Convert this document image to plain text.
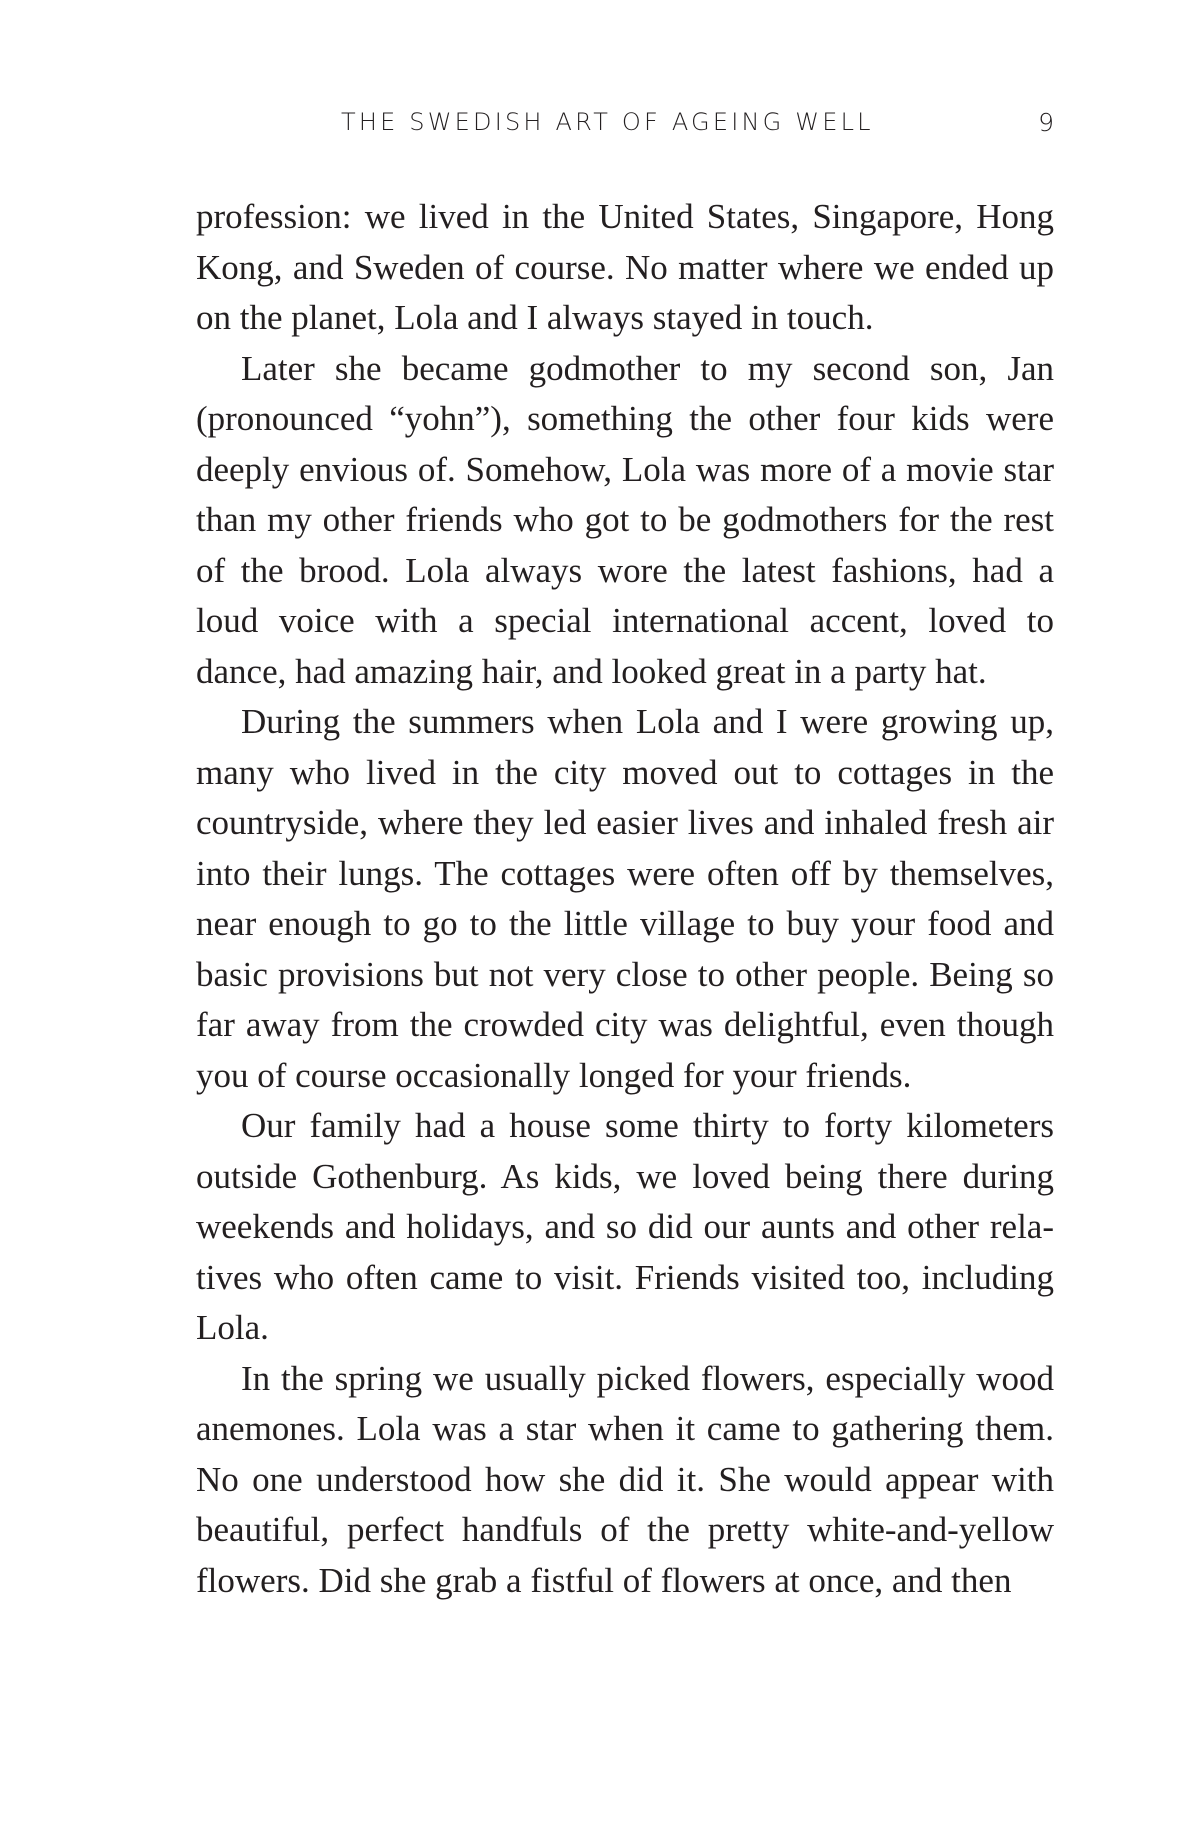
THE SWEDISH ART OF AGEING WELL	9

profession: we lived in the United States, Singapore, Hong Kong, and Sweden of course. No matter where we ended up on the planet, Lola and I always stayed in touch.

Later she became godmother to my second son, Jan (pronounced “yohn”), something the other four kids were deeply envious of. Somehow, Lola was more of a movie star than my other friends who got to be godmothers for the rest of the brood. Lola always wore the latest fashions, had a loud voice with a special international accent, loved to dance, had amazing hair, and looked great in a party hat.

During the summers when Lola and I were growing up, many who lived in the city moved out to cottages in the countryside, where they led easier lives and inhaled fresh air into their lungs. The cottages were often off by themselves, near enough to go to the little village to buy your food and basic provisions but not very close to other people. Being so far away from the crowded city was delightful, even though you of course occasionally longed for your friends.

Our family had a house some thirty to forty kilometers outside Gothenburg. As kids, we loved being there during weekends and holidays, and so did our aunts and other relatives who often came to visit. Friends visited too, including Lola.

In the spring we usually picked flowers, especially wood anemones. Lola was a star when it came to gathering them. No one understood how she did it. She would appear with beautiful, perfect handfuls of the pretty white-and-yellow flowers. Did she grab a fistful of flowers at once, and then
